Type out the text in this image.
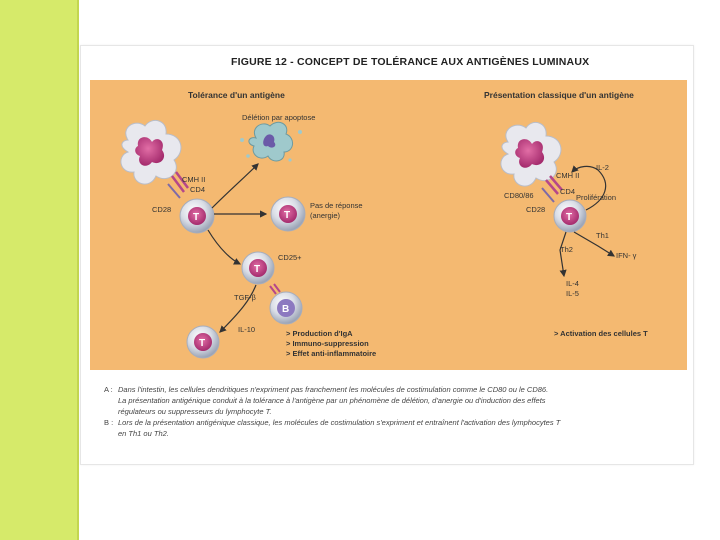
FIGURE 12 - CONCEPT DE TOLÉRANCE AUX ANTIGÈNES LUMINAUX
T	T
T
B
T
T
Tolérance d'un antigène
Délétion par apoptose
CMH II
CD4
CD28	Pas de réponse
(anergie)
CD25+
TGF-β
IL-10	> Production d'IgA
> Immuno-suppression
> Effet anti-inflammatoire
Présentation classique d'un antigène
IL-2
CMH II
CD80/86	CD4
Prolifération
CD28
Th1
Th2
IFN- γ
IL-4
IL-5
> Activation des cellules T
A : Dans l'intestin, les cellules dendritiques n'expriment pas franchement les molécules de costimulation comme le CD80 ou le CD86.
La présentation antigénique conduit à la tolérance à l'antigène par un phénomène de délétion, d'anergie ou d'induction des effets
régulateurs ou suppresseurs du lymphocyte T.
B : Lors de la présentation antigénique classique, les molécules de costimulation s'expriment et entraînent l'activation des lymphocytes T
en Th1 ou Th2.
